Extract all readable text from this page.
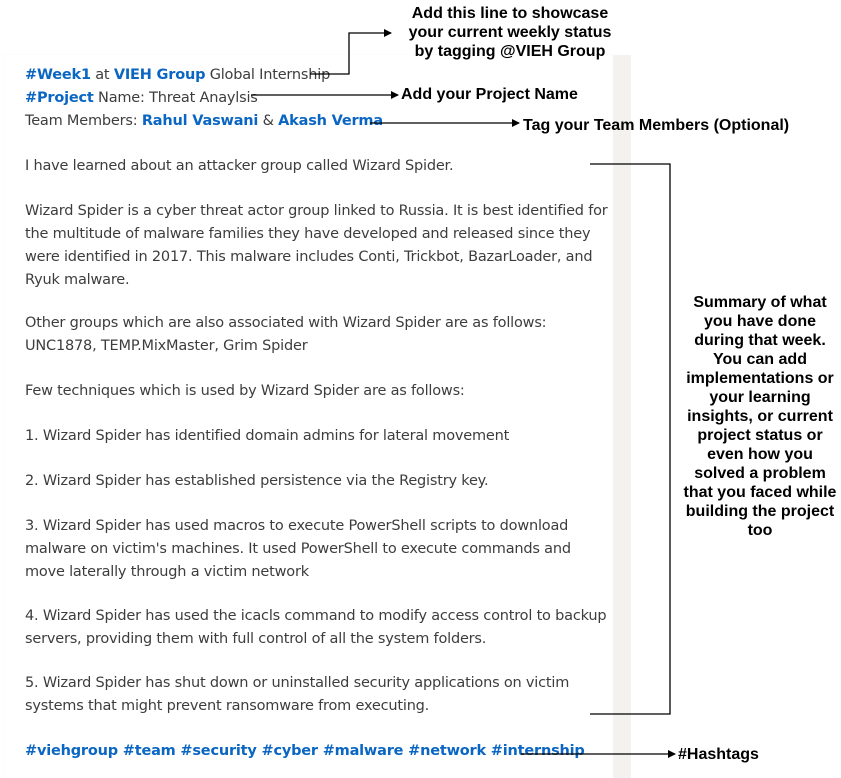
#Week1 at VIEH Group Global Internship

#Project Name: Threat Anaylsis

Team Members: Rahul Vaswani & Akash Verma

I have learned about an attacker group called Wizard Spider.

Wizard Spider is a cyber threat actor group linked to Russia. It is best identified for
the multitude of malware families they have developed and released since they
were identified in 2017. This malware includes Conti, Trickbot, BazarLoader, and
Ryuk malware.
Other groups which are also associated with Wizard Spider are as follows:
UNC1878, TEMP.MixMaster, Grim Spider

Few techniques which is used by Wizard Spider are as follows:

1. Wizard Spider has identified domain admins for lateral movement

2. Wizard Spider has established persistence via the Registry key.

3. Wizard Spider has used macros to execute PowerShell scripts to download
malware on victim's machines. It used PowerShell to execute commands and
move laterally through a victim network
4. Wizard Spider has used the icacls command to modify access control to backup
servers, providing them with full control of all the system folders.
5. Wizard Spider has shut down or uninstalled security applications on victim
systems that might prevent ransomware from executing.

#viehgroup #team #security #cyber #malware #network #internship

Add this line to showcase
your current weekly status
by tagging @VIEH Group
Add your Project Name
Tag your Team Members (Optional)
Summary of what
you have done
during that week.
You can add
implementations or
your learning
insights, or current
project status or
even how you
solved a problem
that you faced while
building the project
too
#Hashtags
